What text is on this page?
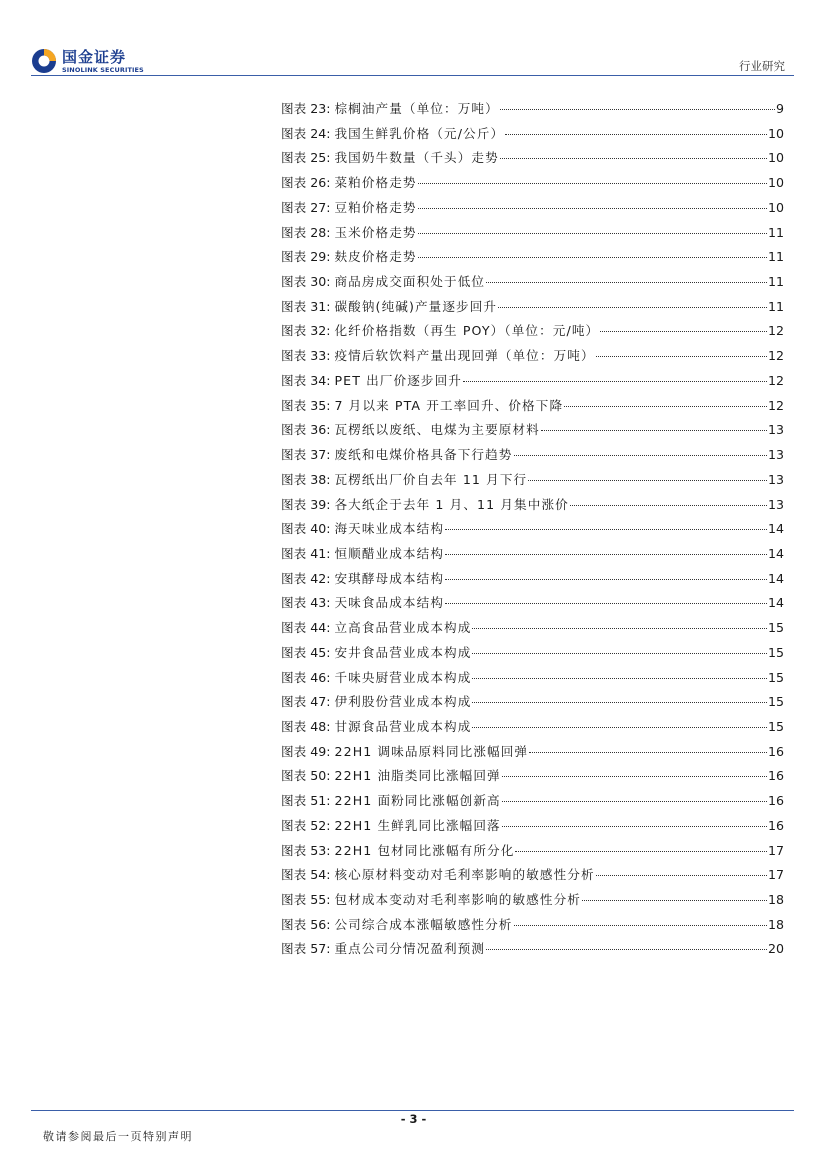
国金证券
SINOLINK SECURITIES	行业研究
图表 23: 棕榈油产量（单位：万吨）	9
图表 24: 我国生鲜乳价格（元/公斤）	10
图表 25: 我国奶牛数量（千头）走势	10
图表 26: 菜粕价格走势	10
图表 27: 豆粕价格走势	10
图表 28: 玉米价格走势	11
图表 29: 麸皮价格走势	11
图表 30: 商品房成交面积处于低位	11
图表 31: 碳酸钠(纯碱)产量逐步回升	11
图表 32: 化纤价格指数（再生 POY）（单位：元/吨）	12
图表 33: 疫情后软饮料产量出现回弹（单位：万吨）	12
图表 34: PET 出厂价逐步回升	12
图表 35: 7 月以来 PTA 开工率回升、价格下降	12
图表 36: 瓦楞纸以废纸、电煤为主要原材料	13
图表 37: 废纸和电煤价格具备下行趋势	13
图表 38: 瓦楞纸出厂价自去年 11 月下行	13
图表 39: 各大纸企于去年 1 月、11 月集中涨价	13
图表 40: 海天味业成本结构	14
图表 41: 恒顺醋业成本结构	14
图表 42: 安琪酵母成本结构	14
图表 43: 天味食品成本结构	14
图表 44: 立高食品营业成本构成	15
图表 45: 安井食品营业成本构成	15
图表 46: 千味央厨营业成本构成	15
图表 47: 伊利股份营业成本构成	15
图表 48: 甘源食品营业成本构成	15
图表 49: 22H1 调味品原料同比涨幅回弹	16
图表 50: 22H1 油脂类同比涨幅回弹	16
图表 51: 22H1 面粉同比涨幅创新高	16
图表 52: 22H1 生鲜乳同比涨幅回落	16
图表 53: 22H1 包材同比涨幅有所分化	17
图表 54: 核心原材料变动对毛利率影响的敏感性分析	17
图表 55: 包材成本变动对毛利率影响的敏感性分析	18
图表 56: 公司综合成本涨幅敏感性分析	18
图表 57: 重点公司分情况盈利预测	20
- 3 -
敬请参阅最后一页特别声明
